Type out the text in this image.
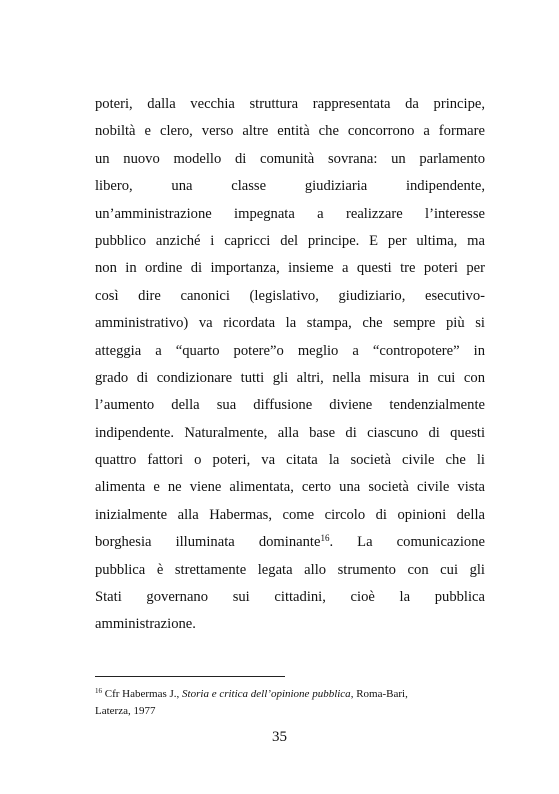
poteri, dalla vecchia struttura rappresentata da principe,
nobiltà e clero, verso altre entità che concorrono a formare
un nuovo modello di comunità sovrana: un parlamento
libero, una classe giudiziaria indipendente,
un’amministrazione impegnata a realizzare l’interesse
pubblico anziché i capricci del principe. E per ultima, ma
non in ordine di importanza, insieme a questi tre poteri per
così dire canonici (legislativo, giudiziario, esecutivo-
amministrativo) va ricordata la stampa, che sempre più si
atteggia a “quarto potere”o meglio a “contropotere” in
grado di condizionare tutti gli altri, nella misura in cui con
l’aumento della sua diffusione diviene tendenzialmente
indipendente. Naturalmente, alla base di ciascuno di questi
quattro fattori o poteri, va citata la società civile che li
alimenta e ne viene alimentata, certo una società civile vista
inizialmente alla Habermas, come circolo di opinioni della
borghesia illuminata dominante$^{16}$. La comunicazione
pubblica è strettamente legata allo strumento con cui gli
Stati governano sui cittadini, cioè la pubblica
amministrazione.
$^{16}$ Cfr Habermas J., Storia e critica dell’opinione pubblica, Roma-Bari,
Laterza, 1977
35
